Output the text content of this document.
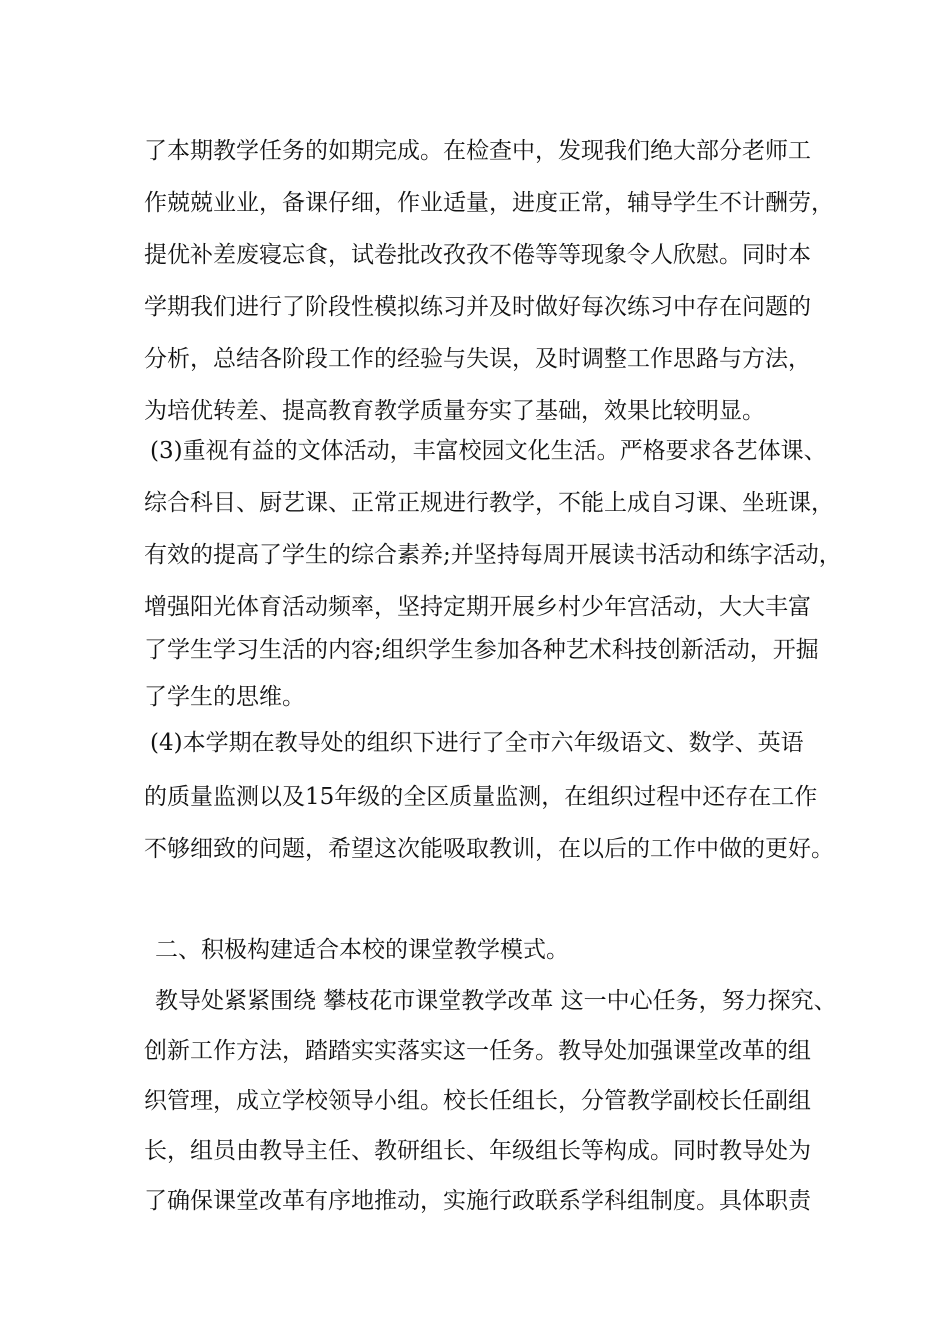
了本期教学任务的如期完成。在检查中，发现我们绝大部分老师工
作兢兢业业，备课仔细，作业适量，进度正常，辅导学生不计酬劳，
提优补差废寝忘食，试卷批改孜孜不倦等等现象令人欣慰。同时本
学期我们进行了阶段性模拟练习并及时做好每次练习中存在问题的
分析，总结各阶段工作的经验与失误，及时调整工作思路与方法，
为培优转差、提高教育教学质量夯实了基础，效果比较明显。
(3)重视有益的文体活动，丰富校园文化生活。严格要求各艺体课、
综合科目、厨艺课、正常正规进行教学，不能上成自习课、坐班课，
有效的提高了学生的综合素养;并坚持每周开展读书活动和练字活动，
增强阳光体育活动频率，坚持定期开展乡村少年宫活动，大大丰富
了学生学习生活的内容;组织学生参加各种艺术科技创新活动，开掘
了学生的思维。
(4)本学期在教导处的组织下进行了全市六年级语文、数学、英语
的质量监测以及15年级的全区质量监测，在组织过程中还存在工作
不够细致的问题，希望这次能吸取教训，在以后的工作中做的更好。
二、积极构建适合本校的课堂教学模式。
教导处紧紧围绕 攀枝花市课堂教学改革 这一中心任务，努力探究、
创新工作方法，踏踏实实落实这一任务。教导处加强课堂改革的组
织管理，成立学校领导小组。校长任组长，分管教学副校长任副组
长，组员由教导主任、教研组长、年级组长等构成。同时教导处为
了确保课堂改革有序地推动，实施行政联系学科组制度。具体职责
